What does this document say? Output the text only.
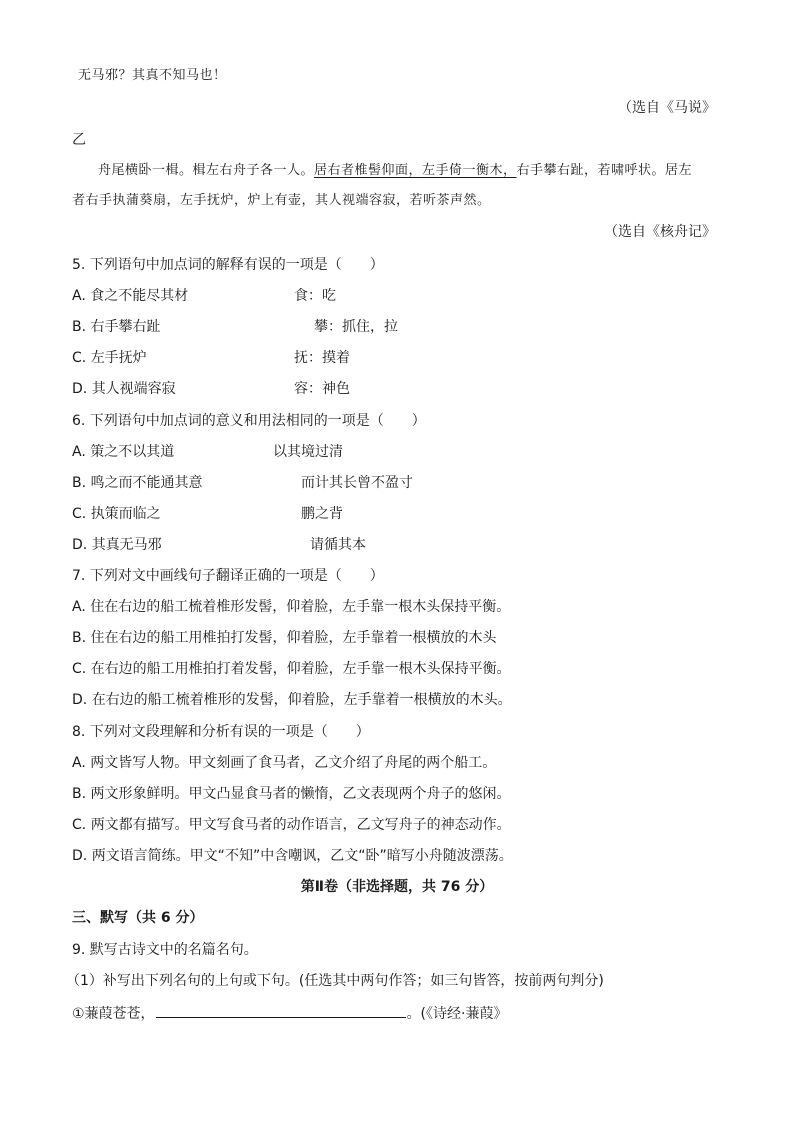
无马邪？其真不知马也！
（选自《马说》
乙
舟尾横卧一楫。楫左右舟子各一人。居右者椎髻仰面，左手倚一衡木，右手攀右趾，若啸呼状。居左
者右手执蒲葵扇，左手抚炉，炉上有壶，其人视端容寂，若听茶声然。
（选自《核舟记》
5. 下列语句中加点词的解释有误的一项是（　　）
A. 食之不能尽其材	食：吃
B. 右手攀右趾	攀：抓住，拉
C. 左手抚炉	抚：摸着
D. 其人视端容寂	容：神色
6. 下列语句中加点词的意义和用法相同的一项是（　　）
A. 策之不以其道	以其境过清
B. 鸣之而不能通其意	而计其长曾不盈寸
C. 执策而临之	鹏之背
D. 其真无马邪	请循其本
7. 下列对文中画线句子翻译正确的一项是（　　）
A. 住在右边的船工梳着椎形发髻，仰着脸，左手靠一根木头保持平衡。
B. 住在右边的船工用椎拍打发髻，仰着脸，左手靠着一根横放的木头
C. 在右边的船工用椎拍打着发髻，仰着脸，左手靠一根木头保持平衡。
D. 在右边的船工梳着椎形的发髻，仰着脸，左手靠着一根横放的木头。
8. 下列对文段理解和分析有误的一项是（　　）
A. 两文皆写人物。甲文刻画了食马者，乙文介绍了舟尾的两个船工。
B. 两文形象鲜明。甲文凸显食马者的懒惰，乙文表现两个舟子的悠闲。
C. 两文都有描写。甲文写食马者的动作语言，乙文写舟子的神态动作。
D. 两文语言简练。甲文“不知”中含嘲讽，乙文“卧”暗写小舟随波漂荡。
第Ⅱ卷（非选择题，共 76 分）
三、默写（共 6 分）
9. 默写古诗文中的名篇名句。
（1）补写出下列名句的上句或下句。(任选其中两句作答；如三句皆答，按前两句判分)
①蒹葭苍苍，	。(《诗经·蒹葭》
